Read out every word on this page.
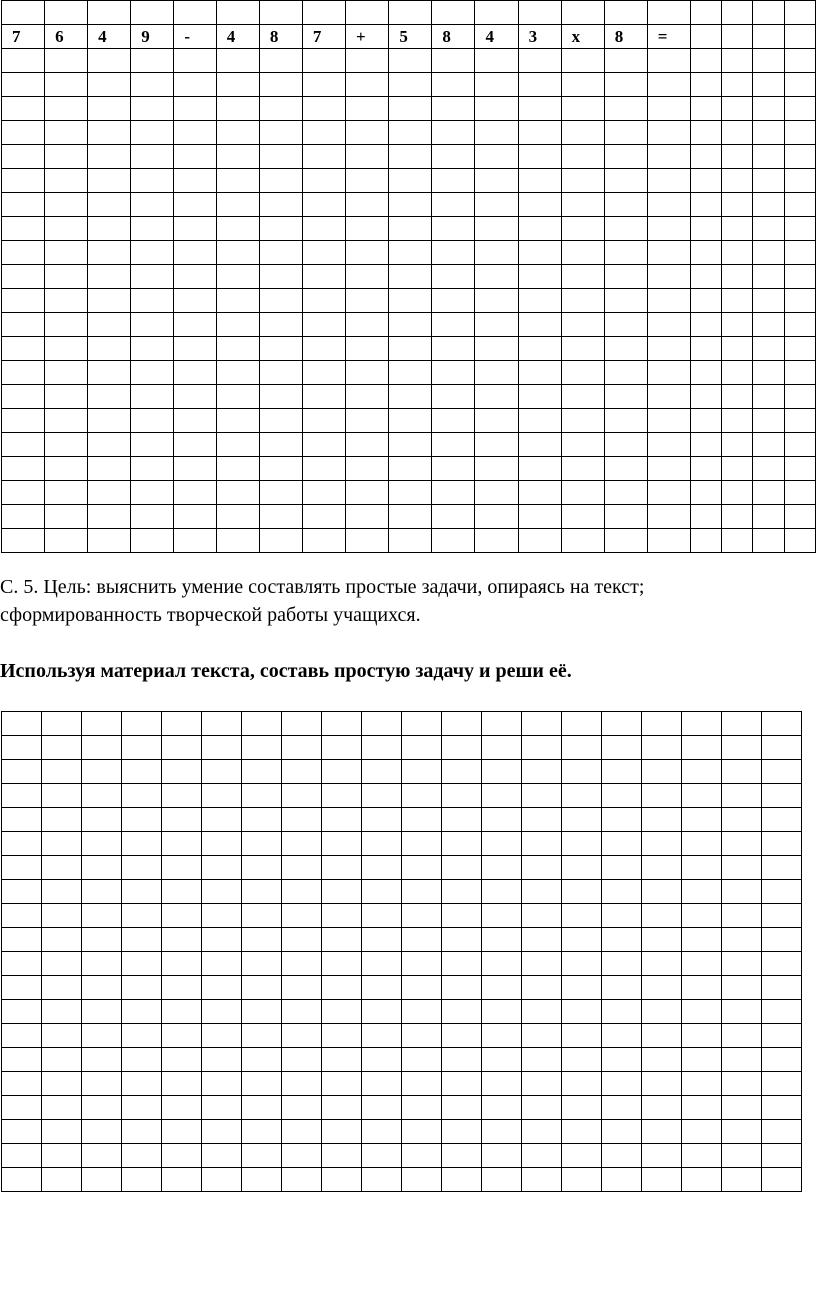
7	6	4	9	-	4	8	7	+	5	8	4	3	x	8	=				

С. 5. Цель: выяснить умение составлять простые задачи, опираясь на текст;
сформированность творческой работы учащихся.
Используя материал текста, составь простую задачу и реши её.
